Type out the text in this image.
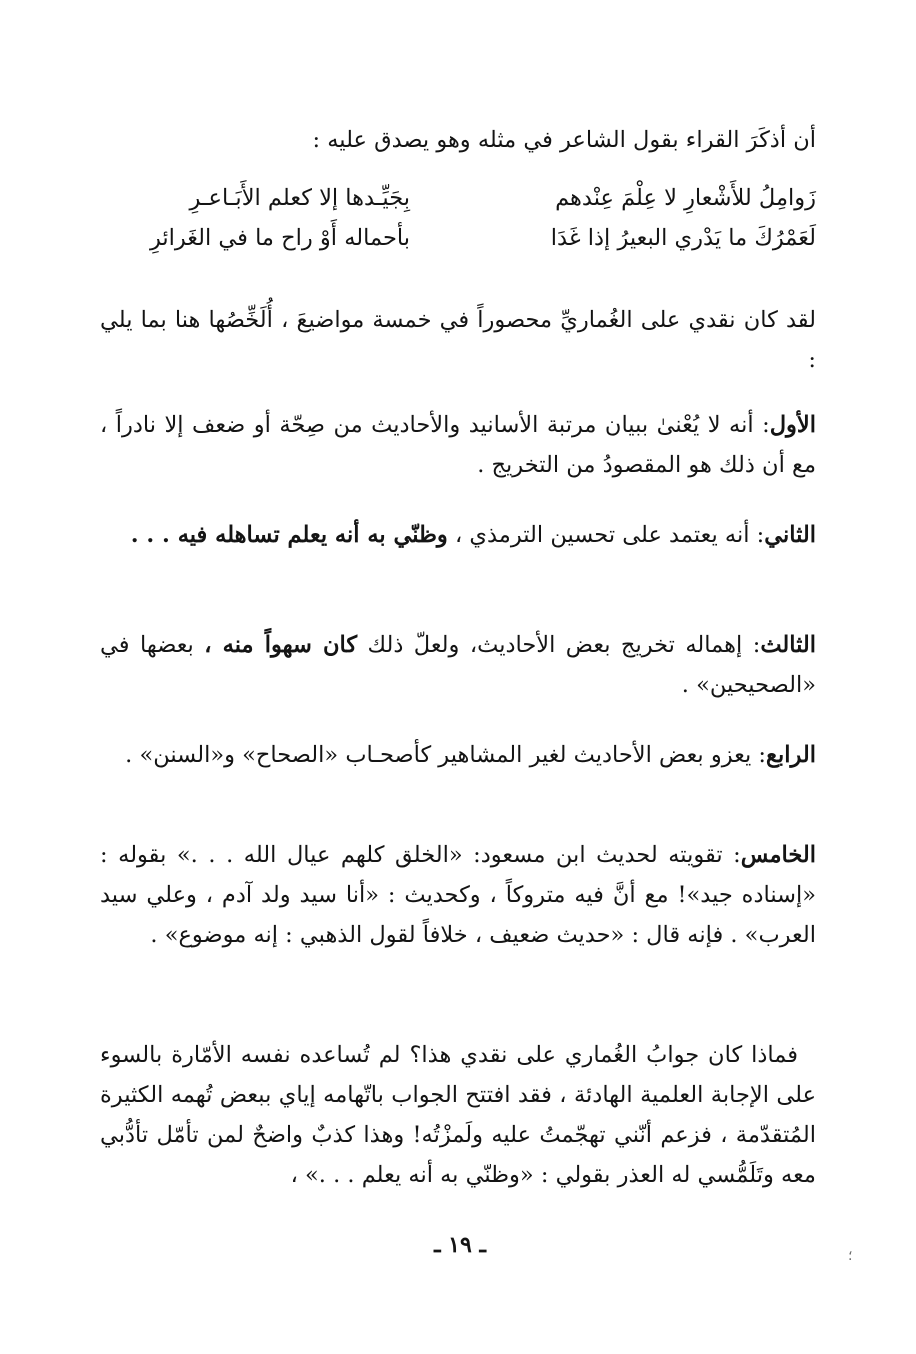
أن أذكَرَ القراء بقول الشاعر في مثله وهو يصدق عليه :
زَوامِلُ للأَشْعارِ لا عِلْمَ عِنْدهم
بِجَيِّـدها إلا كعلم الأَبَـاعـرِ
لَعَمْرُكَ ما يَدْري البعيرُ إذا غَدَا
بأحماله أَوْ راح ما في الغَرائرِ
لقد كان نقدي على الغُماريِّ محصوراً في خمسة مواضيعَ ، أُلَخِّصُها هنا بما يلي :
الأول: أنه لا يُعْنىٰ ببيان مرتبة الأسانيد والأحاديث من صِحّة أو ضعف إلا نادراً ، مع أن ذلك هو المقصودُ من التخريج .
الثاني: أنه يعتمد على تحسين الترمذي ، وظنّي به أنه يعلم تساهله فيه . . .
الثالث: إهماله تخريج بعض الأحاديث، ولعلّ ذلك كان سهواً منه ، بعضها في «الصحيحين» .
الرابع: يعزو بعض الأحاديث لغير المشاهير كأصحـاب «الصحاح» و«السنن» .
الخامس: تقويته لحديث ابن مسعود: «الخلق كلهم عيال الله . . .» بقوله : «إسناده جيد»! مع أنَّ فيه متروكاً ، وكحديث : «أنا سيد ولد آدم ، وعلي سيد العرب» . فإنه قال : «حديث ضعيف ، خلافاً لقول الذهبي : إنه موضوع» .
فماذا كان جوابُ الغُماري على نقدي هذا؟ لم تُساعده نفسه الأمّارة بالسوء على الإجابة العلمية الهادئة ، فقد افتتح الجواب باتّهامه إياي ببعض تُهمه الكثيرة المُتقدّمة ، فزعم أنّني تهجّمتُ عليه ولَمزْتُه! وهذا كذبٌ واضحٌ لمن تأمّل تأدُّبي معه وتَلَمُّسي له العذر بقولي : «وظنّي به أنه يعلم . . .» ،
ـ ١٩ ـ	؛
